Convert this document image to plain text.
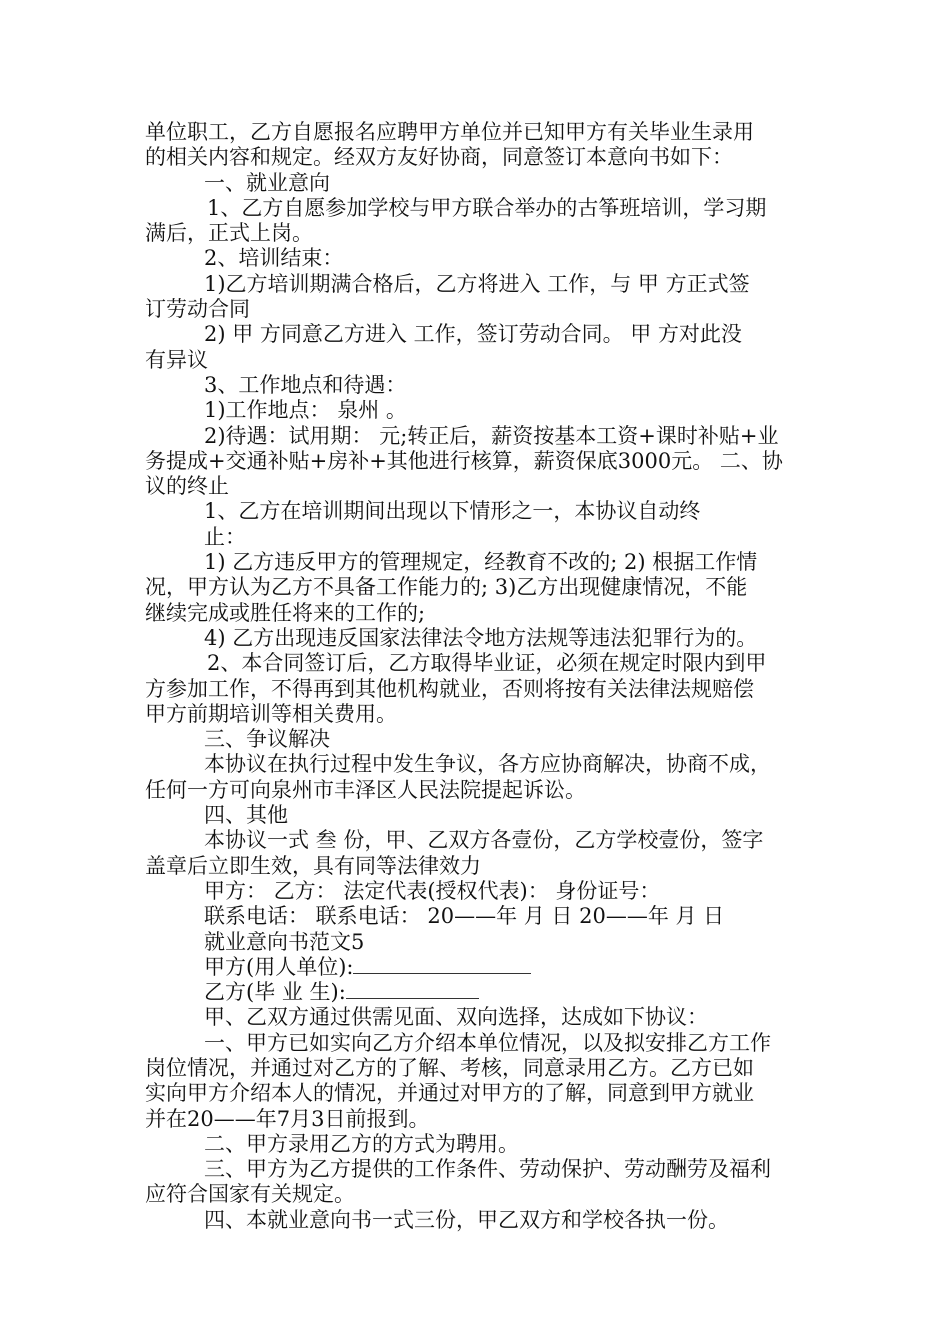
单位职工，乙方自愿报名应聘甲方单位并已知甲方有关毕业生录用
的相关内容和规定。经双方友好协商，同意签订本意向书如下：
一、就业意向
1、乙方自愿参加学校与甲方联合举办的古筝班培训，学习期
满后，正式上岗。
2、培训结束：
1)乙方培训期满合格后，乙方将进入 工作，与 甲 方正式签
订劳动合同
2) 甲 方同意乙方进入 工作，签订劳动合同。 甲 方对此没
有异议
3、工作地点和待遇：
1)工作地点： 泉州 。
2)待遇：试用期： 元;转正后，薪资按基本工资+课时补贴+业
务提成+交通补贴+房补+其他进行核算，薪资保底3000元。 二、协
议的终止
1、乙方在培训期间出现以下情形之一，本协议自动终
止：
1) 乙方违反甲方的管理规定，经教育不改的; 2) 根据工作情
况，甲方认为乙方不具备工作能力的; 3)乙方出现健康情况，不能
继续完成或胜任将来的工作的;
4) 乙方出现违反国家法律法令地方法规等违法犯罪行为的。
2、本合同签订后，乙方取得毕业证，必须在规定时限内到甲
方参加工作，不得再到其他机构就业，否则将按有关法律法规赔偿
甲方前期培训等相关费用。
三、争议解决
本协议在执行过程中发生争议，各方应协商解决，协商不成，
任何一方可向泉州市丰泽区人民法院提起诉讼。
四、其他
本协议一式 叁 份，甲、乙双方各壹份，乙方学校壹份，签字
盖章后立即生效，具有同等法律效力
甲方： 乙方： 法定代表(授权代表)： 身份证号：
联系电话： 联系电话： 20——年 月 日 20——年 月 日
就业意向书范文5
甲方(用人单位):
乙方(毕 业 生):
甲、乙双方通过供需见面、双向选择，达成如下协议：
一、甲方已如实向乙方介绍本单位情况，以及拟安排乙方工作
岗位情况，并通过对乙方的了解、考核，同意录用乙方。乙方已如
实向甲方介绍本人的情况，并通过对甲方的了解，同意到甲方就业
并在20——年7月3日前报到。
二、甲方录用乙方的方式为聘用。
三、甲方为乙方提供的工作条件、劳动保护、劳动酬劳及福利
应符合国家有关规定。
四、本就业意向书一式三份，甲乙双方和学校各执一份。
